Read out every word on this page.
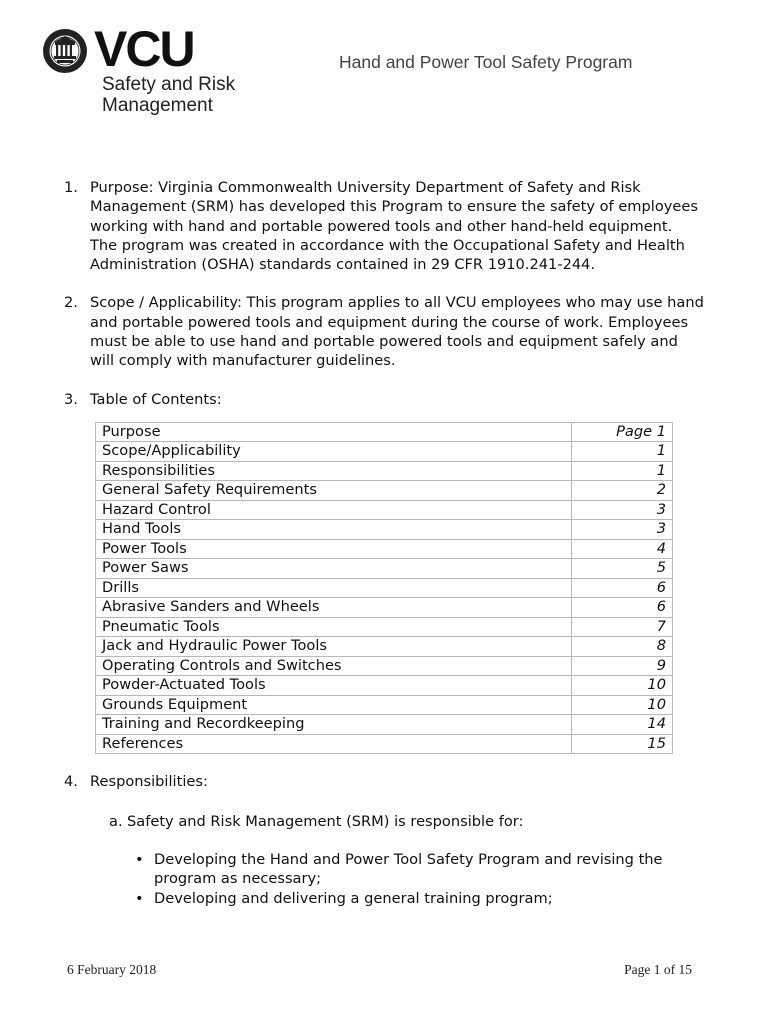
VCU
Safety and Risk Management
Hand and Power Tool Safety Program
1. Purpose: Virginia Commonwealth University Department of Safety and Risk Management (SRM) has developed this Program to ensure the safety of employees working with hand and portable powered tools and other hand-held equipment. The program was created in accordance with the Occupational Safety and Health Administration (OSHA) standards contained in 29 CFR 1910.241-244.
2. Scope / Applicability: This program applies to all VCU employees who may use hand and portable powered tools and equipment during the course of work. Employees must be able to use hand and portable powered tools and equipment safely and will comply with manufacturer guidelines.
3. Table of Contents:
Purpose	Page 1
Scope/Applicability	1
Responsibilities	1
General Safety Requirements	2
Hazard Control	3
Hand Tools	3
Power Tools	4
Power Saws	5
Drills	6
Abrasive Sanders and Wheels	6
Pneumatic Tools	7
Jack and Hydraulic Power Tools	8
Operating Controls and Switches	9
Powder-Actuated Tools	10
Grounds Equipment	10
Training and Recordkeeping	14
References	15
4. Responsibilities:
a. Safety and Risk Management (SRM) is responsible for:
• Developing the Hand and Power Tool Safety Program and revising the program as necessary;
• Developing and delivering a general training program;
6 February 2018	Page 1 of 15
